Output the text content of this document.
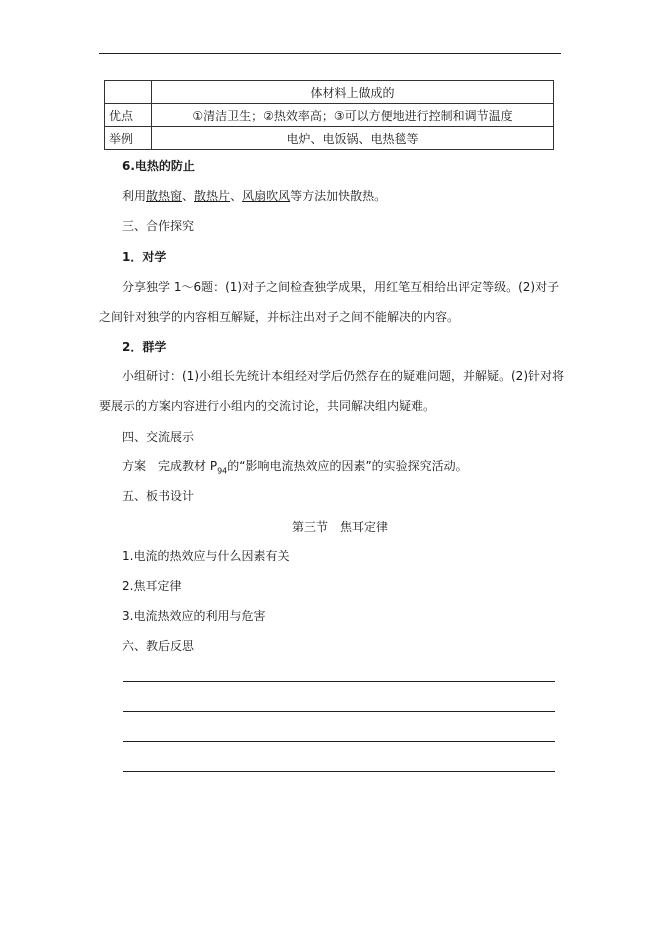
	体材料上做成的
优点	①清洁卫生；②热效率高；③可以方便地进行控制和调节温度
举例	电炉、电饭锅、电热毯等
6.电热的防止
利用散热窗、散热片、风扇吹风等方法加快散热。
三、合作探究
1．对学
分享独学 1～6题：(1)对子之间检查独学成果，用红笔互相给出评定等级。(2)对子
之间针对独学的内容相互解疑，并标注出对子之间不能解决的内容。
2．群学
小组研讨：(1)小组长先统计本组经对学后仍然存在的疑难问题，并解疑。(2)针对将
要展示的方案内容进行小组内的交流讨论，共同解决组内疑难。
四、交流展示
方案　完成教材 $P_{94}$的“影响电流热效应的因素”的实验探究活动。
五、板书设计
第三节　焦耳定律
1.电流的热效应与什么因素有关
2.焦耳定律
3.电流热效应的利用与危害
六、教后反思
